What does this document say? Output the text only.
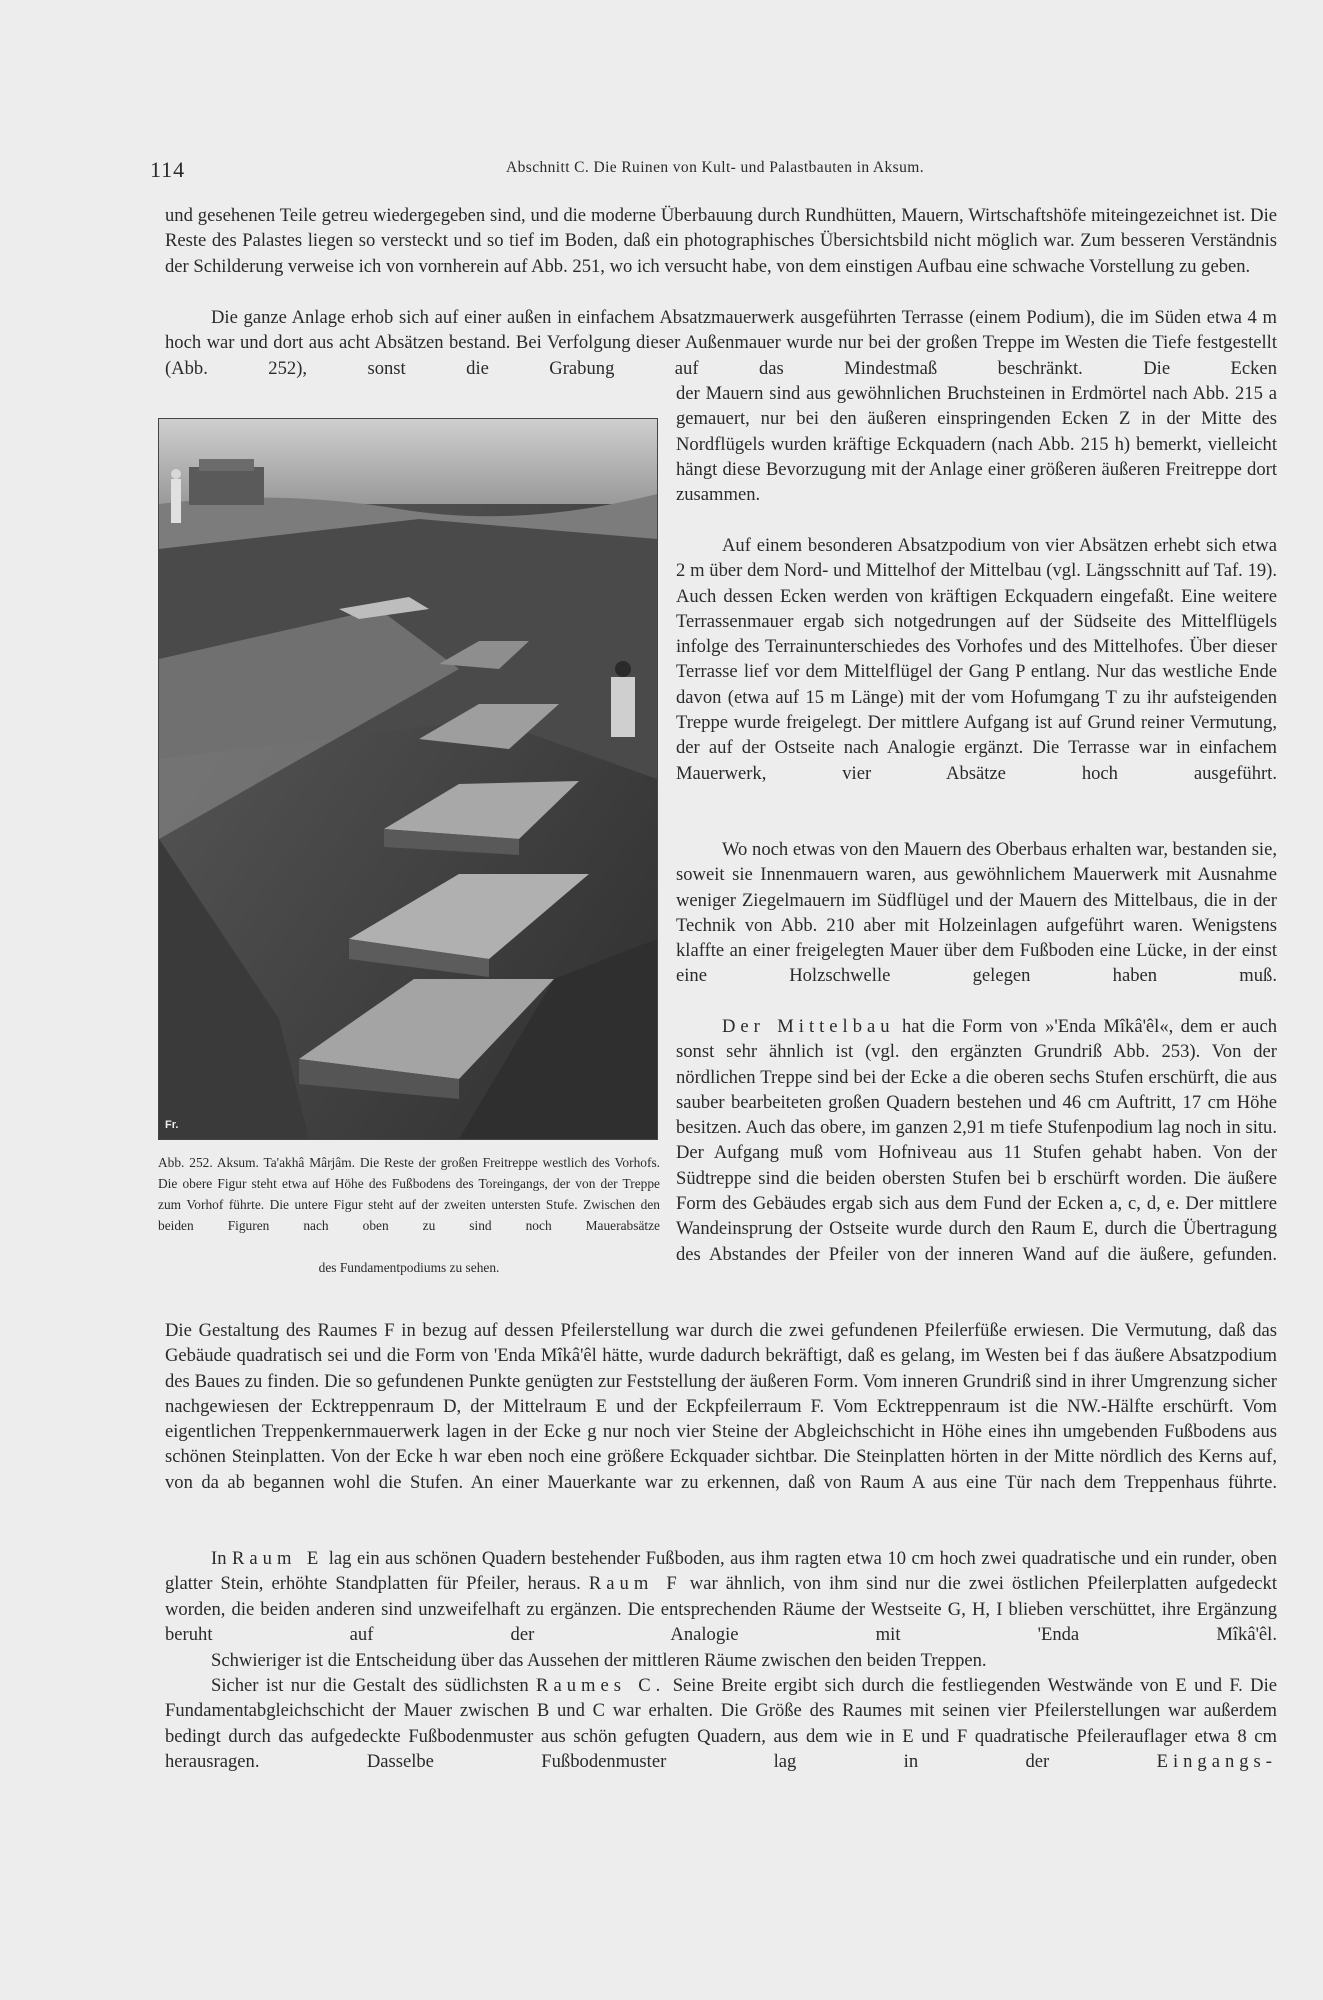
114	Abschnitt C. Die Ruinen von Kult- und Palastbauten in Aksum.

und gesehenen Teile getreu wiedergegeben sind, und die moderne Überbauung durch Rundhütten, Mauern, Wirtschaftshöfe miteingezeichnet ist. Die Reste des Palastes liegen so versteckt und so tief im Boden, daß ein photographisches Übersichtsbild nicht möglich war. Zum besseren Verständnis der Schilderung verweise ich von vornherein auf Abb. 251, wo ich versucht habe, von dem einstigen Aufbau eine schwache Vorstellung zu geben.

Die ganze Anlage erhob sich auf einer außen in einfachem Absatzmauerwerk ausgeführten Terrasse (einem Podium), die im Süden etwa 4 m hoch war und dort aus acht Absätzen bestand. Bei Verfolgung dieser Außenmauer wurde nur bei der großen Treppe im Westen die Tiefe festgestellt (Abb. 252), sonst die Grabung auf das Mindestmaß beschränkt. Die Ecken

der Mauern sind aus gewöhnlichen Bruchsteinen in Erdmörtel nach Abb. 215 a gemauert, nur bei den äußeren einspringenden Ecken Z in der Mitte des Nordflügels wurden kräftige Eckquadern (nach Abb. 215 h) bemerkt, vielleicht hängt diese Bevorzugung mit der Anlage einer größeren äußeren Freitreppe dort zusammen.

Fr.

Abb. 252. Aksum. Ta'akhâ Mârjâm. Die Reste der großen Freitreppe westlich des Vorhofs. Die obere Figur steht etwa auf Höhe des Fußbodens des Toreingangs, der von der Treppe zum Vorhof führte. Die untere Figur steht auf der zweiten untersten Stufe. Zwischen den beiden Figuren nach oben zu sind noch Mauerabsätze

des Fundamentpodiums zu sehen.

Auf einem besonderen Absatzpodium von vier Absätzen erhebt sich etwa 2 m über dem Nord- und Mittelhof der Mittelbau (vgl. Längsschnitt auf Taf. 19). Auch dessen Ecken werden von kräftigen Eckquadern eingefaßt. Eine weitere Terrassenmauer ergab sich notgedrungen auf der Südseite des Mittelflügels infolge des Terrainunterschiedes des Vorhofes und des Mittelhofes. Über dieser Terrasse lief vor dem Mittelflügel der Gang P entlang. Nur das westliche Ende davon (etwa auf 15 m Länge) mit der vom Hofumgang T zu ihr aufsteigenden Treppe wurde freigelegt. Der mittlere Aufgang ist auf Grund reiner Vermutung, der auf der Ostseite nach Analogie ergänzt. Die Terrasse war in einfachem Mauerwerk, vier Absätze hoch ausgeführt.

Wo noch etwas von den Mauern des Oberbaus erhalten war, bestanden sie, soweit sie Innenmauern waren, aus gewöhnlichem Mauerwerk mit Ausnahme weniger Ziegelmauern im Südflügel und der Mauern des Mittelbaus, die in der Technik von Abb. 210 aber mit Holzeinlagen aufgeführt waren. Wenigstens klaffte an einer freigelegten Mauer über dem Fußboden eine Lücke, in der einst eine Holzschwelle gelegen haben muß.

Der Mittelbau hat die Form von »'Enda Mîkâ'êl«, dem er auch sonst sehr ähnlich ist (vgl. den ergänzten Grundriß Abb. 253). Von der nördlichen Treppe sind bei der Ecke a die oberen sechs Stufen erschürft, die aus sauber bearbeiteten großen Quadern bestehen und 46 cm Auftritt, 17 cm Höhe besitzen. Auch das obere, im ganzen 2,91 m tiefe Stufenpodium lag noch in situ. Der Aufgang muß vom Hofniveau aus 11 Stufen gehabt haben. Von der Südtreppe sind die beiden obersten Stufen bei b erschürft worden. Die äußere Form des Gebäudes ergab sich aus dem Fund der Ecken a, c, d, e. Der mittlere Wandeinsprung der Ostseite wurde durch den Raum E, durch die Übertragung des Abstandes der Pfeiler von der inneren Wand auf die äußere, gefunden.

Die Gestaltung des Raumes F in bezug auf dessen Pfeilerstellung war durch die zwei gefundenen Pfeilerfüße erwiesen. Die Vermutung, daß das Gebäude quadratisch sei und die Form von 'Enda Mîkâ'êl hätte, wurde dadurch bekräftigt, daß es gelang, im Westen bei f das äußere Absatzpodium des Baues zu finden. Die so gefundenen Punkte genügten zur Feststellung der äußeren Form. Vom inneren Grundriß sind in ihrer Umgrenzung sicher nachgewiesen der Ecktreppenraum D, der Mittelraum E und der Eckpfeilerraum F. Vom Ecktreppenraum ist die NW.-Hälfte erschürft. Vom eigentlichen Treppenkernmauerwerk lagen in der Ecke g nur noch vier Steine der Abgleichschicht in Höhe eines ihn umgebenden Fußbodens aus schönen Steinplatten. Von der Ecke h war eben noch eine größere Eckquader sichtbar. Die Steinplatten hörten in der Mitte nördlich des Kerns auf, von da ab begannen wohl die Stufen. An einer Mauerkante war zu erkennen, daß von Raum A aus eine Tür nach dem Treppenhaus führte.

In Raum E lag ein aus schönen Quadern bestehender Fußboden, aus ihm ragten etwa 10 cm hoch zwei quadratische und ein runder, oben glatter Stein, erhöhte Standplatten für Pfeiler, heraus. Raum F war ähnlich, von ihm sind nur die zwei östlichen Pfeilerplatten aufgedeckt worden, die beiden anderen sind unzweifelhaft zu ergänzen. Die entsprechenden Räume der Westseite G, H, I blieben verschüttet, ihre Ergänzung beruht auf der Analogie mit 'Enda Mîkâ'êl.

Schwieriger ist die Entscheidung über das Aussehen der mittleren Räume zwischen den beiden Treppen.

Sicher ist nur die Gestalt des südlichsten Raumes C. Seine Breite ergibt sich durch die festliegenden Westwände von E und F. Die Fundamentabgleichschicht der Mauer zwischen B und C war erhalten. Die Größe des Raumes mit seinen vier Pfeilerstellungen war außerdem bedingt durch das aufgedeckte Fußbodenmuster aus schön gefugten Quadern, aus dem wie in E und F quadratische Pfeilerauflager etwa 8 cm herausragen. Dasselbe Fußbodenmuster lag in der	Eingangs-
